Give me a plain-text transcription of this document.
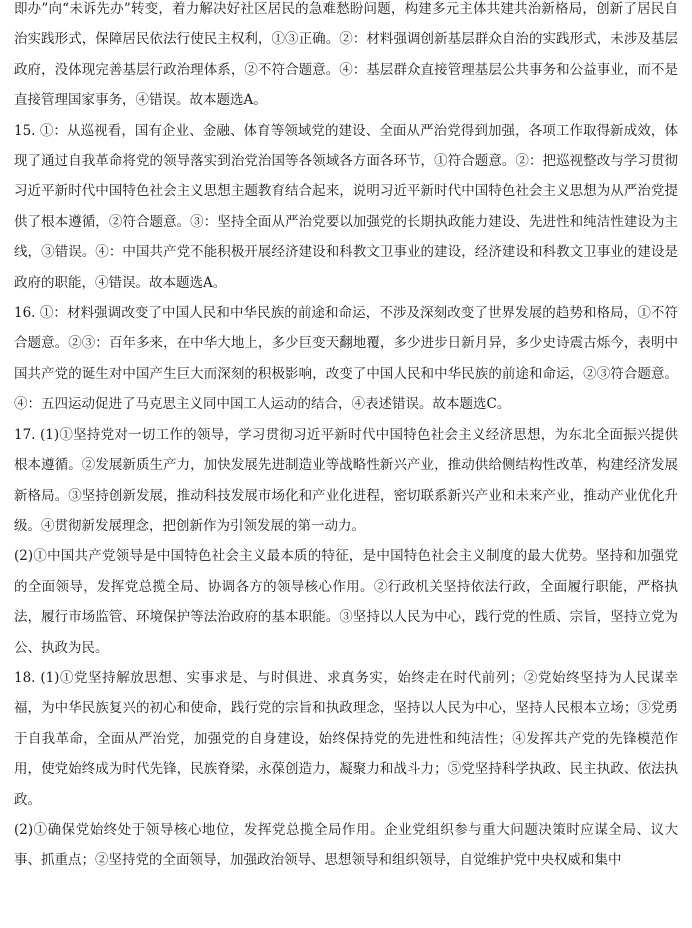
即办”向“未诉先办”转变，着力解决好社区居民的急难愁盼问题，构建多元主体共建共治新格局，创新了居民自治实践形式，保障居民依法行使民主权利，①③正确。②：材料强调创新基层群众自治的实践形式，未涉及基层政府，没体现完善基层行政治理体系，②不符合题意。④：基层群众直接管理基层公共事务和公益事业，而不是直接管理国家事务，④错误。故本题选A。

15. ①：从巡视看，国有企业、金融、体育等领域党的建设、全面从严治党得到加强，各项工作取得新成效，体现了通过自我革命将党的领导落实到治党治国等各领域各方面各环节，①符合题意。②：把巡视整改与学习贯彻习近平新时代中国特色社会主义思想主题教育结合起来，说明习近平新时代中国特色社会主义思想为从严治党提供了根本遵循，②符合题意。③：坚持全面从严治党要以加强党的长期执政能力建设、先进性和纯洁性建设为主线，③错误。④：中国共产党不能积极开展经济建设和科教文卫事业的建设，经济建设和科教文卫事业的建设是政府的职能，④错误。故本题选A。

16. ①：材料强调改变了中国人民和中华民族的前途和命运，不涉及深刻改变了世界发展的趋势和格局，①不符合题意。②③：百年多来，在中华大地上，多少巨变天翻地覆，多少进步日新月异，多少史诗震古烁今，表明中国共产党的诞生对中国产生巨大而深刻的积极影响，改变了中国人民和中华民族的前途和命运，②③符合题意。④：五四运动促进了马克思主义同中国工人运动的结合，④表述错误。故本题选C。

17. (1)①坚持党对一切工作的领导，学习贯彻习近平新时代中国特色社会主义经济思想，为东北全面振兴提供根本遵循。②发展新质生产力，加快发展先进制造业等战略性新兴产业，推动供给侧结构性改革，构建经济发展新格局。③坚持创新发展，推动科技发展市场化和产业化进程，密切联系新兴产业和未来产业，推动产业优化升级。④贯彻新发展理念，把创新作为引领发展的第一动力。

(2)①中国共产党领导是中国特色社会主义最本质的特征，是中国特色社会主义制度的最大优势。坚持和加强党的全面领导，发挥党总揽全局、协调各方的领导核心作用。②行政机关坚持依法行政，全面履行职能，严格执法，履行市场监管、环境保护等法治政府的基本职能。③坚持以人民为中心，践行党的性质、宗旨，坚持立党为公、执政为民。

18. (1)①党坚持解放思想、实事求是、与时俱进、求真务实，始终走在时代前列；②党始终坚持为人民谋幸福，为中华民族复兴的初心和使命，践行党的宗旨和执政理念，坚持以人民为中心，坚持人民根本立场；③党勇于自我革命，全面从严治党，加强党的自身建设，始终保持党的先进性和纯洁性；④发挥共产党的先锋模范作用，使党始终成为时代先锋，民族脊梁，永葆创造力，凝聚力和战斗力；⑤党坚持科学执政、民主执政、依法执政。

(2)①确保党始终处于领导核心地位，发挥党总揽全局作用。企业党组织参与重大问题决策时应谋全局、议大事、抓重点；②坚持党的全面领导，加强政治领导、思想领导和组织领导，自觉维护党中央权威和集中
